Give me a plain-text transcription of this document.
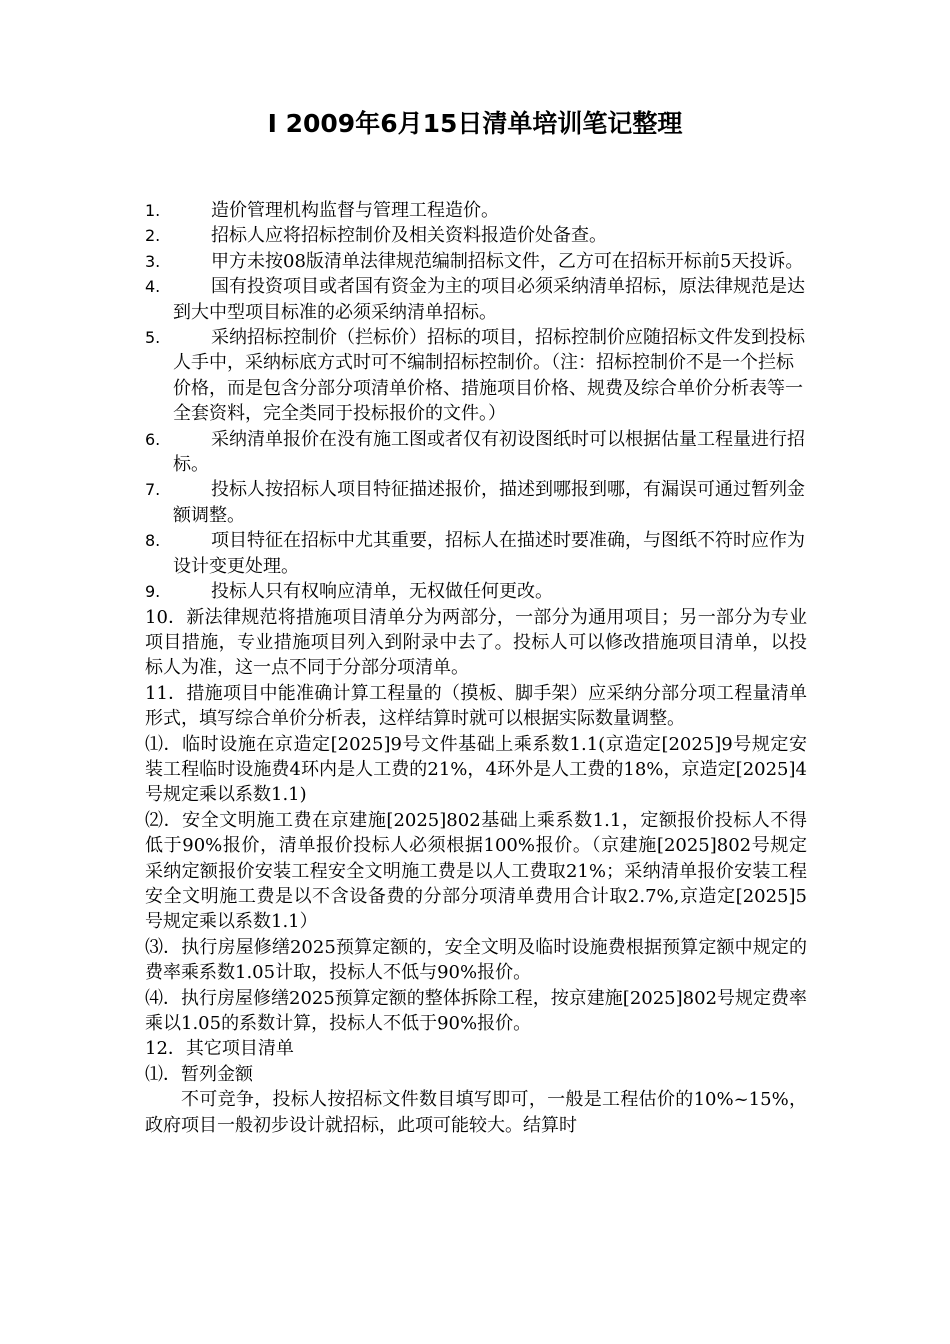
I 2009年6月15日清单培训笔记整理
1.	造价管理机构监督与管理工程造价。
2.	招标人应将招标控制价及相关资料报造价处备查。
3.	甲方未按08版清单法律规范编制招标文件，乙方可在招标开标前5天投诉。
4.	国有投资项目或者国有资金为主的项目必须采纳清单招标，原法律规范是达到大中型项目标准的必须采纳清单招标。
5.	采纳招标控制价（拦标价）招标的项目，招标控制价应随招标文件发到投标人手中，采纳标底方式时可不编制招标控制价。（注：招标控制价不是一个拦标价格，而是包含分部分项清单价格、措施项目价格、规费及综合单价分析表等一全套资料，完全类同于投标报价的文件。）
6.	采纳清单报价在没有施工图或者仅有初设图纸时可以根据估量工程量进行招标。
7.	投标人按招标人项目特征描述报价，描述到哪报到哪，有漏误可通过暂列金额调整。
8.	项目特征在招标中尤其重要，招标人在描述时要准确，与图纸不符时应作为设计变更处理。
9.	投标人只有权响应清单，无权做任何更改。

10．新法律规范将措施项目清单分为两部分，一部分为通用项目；另一部分为专业项目措施，专业措施项目列入到附录中去了。投标人可以修改措施项目清单，以投标人为准，这一点不同于分部分项清单。

11．措施项目中能准确计算工程量的（摸板、脚手架）应采纳分部分项工程量清单形式，填写综合单价分析表，这样结算时就可以根据实际数量调整。

⑴．临时设施在京造定[2025]9号文件基础上乘系数1.1(京造定[2025]9号规定安装工程临时设施费4环内是人工费的21%，4环外是人工费的18%，京造定[2025]4号规定乘以系数1.1)

⑵．安全文明施工费在京建施[2025]802基础上乘系数1.1，定额报价投标人不得低于90%报价，清单报价投标人必须根据100%报价。（京建施[2025]802号规定采纳定额报价安装工程安全文明施工费是以人工费取21%；采纳清单报价安装工程安全文明施工费是以不含设备费的分部分项清单费用合计取2.7%,京造定[2025]5号规定乘以系数1.1）

⑶．执行房屋修缮2025预算定额的，安全文明及临时设施费根据预算定额中规定的费率乘系数1.05计取，投标人不低与90%报价。

⑷．执行房屋修缮2025预算定额的整体拆除工程，按京建施[2025]802号规定费率乘以1.05的系数计算，投标人不低于90%报价。

12．其它项目清单

⑴．暂列金额

不可竞争，投标人按招标文件数目填写即可，一般是工程估价的10%~15%，政府项目一般初步设计就招标，此项可能较大。结算时
